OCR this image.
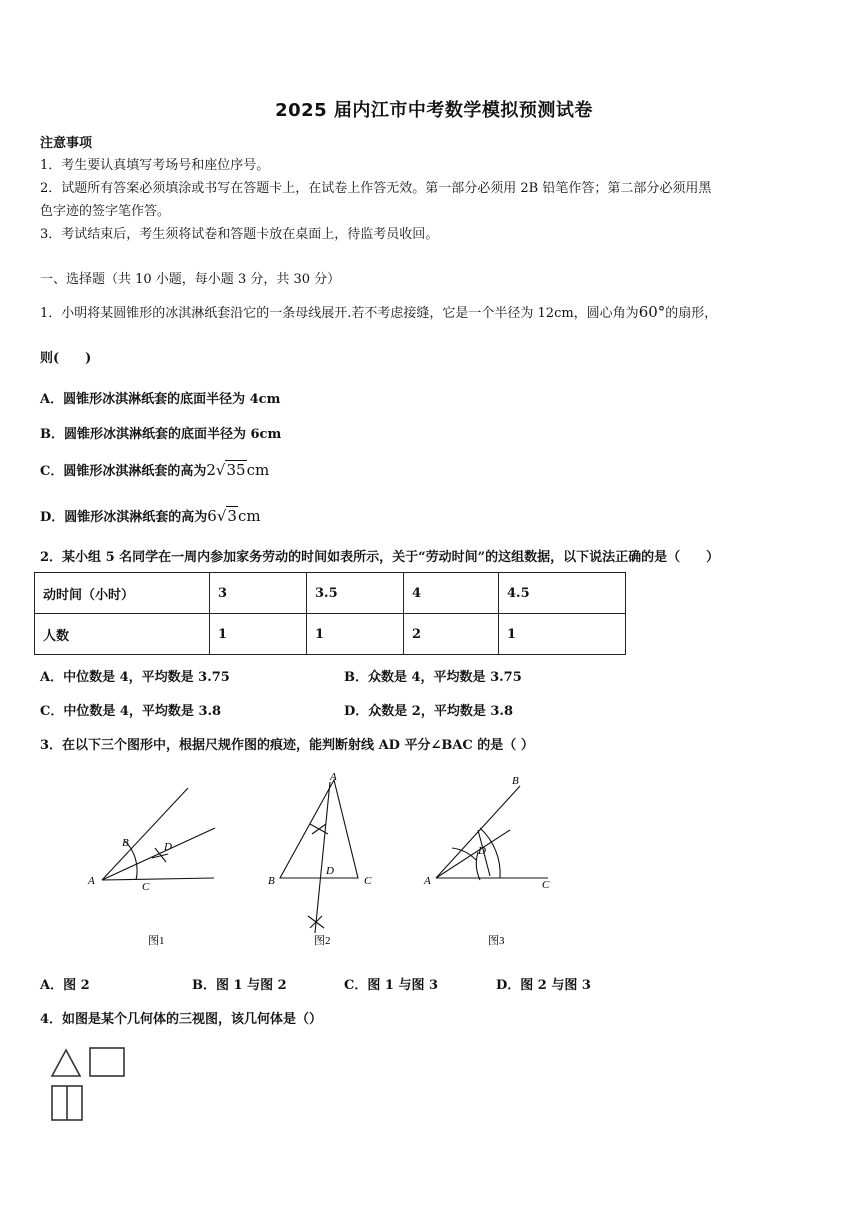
2025 届内江市中考数学模拟预测试卷
注意事项
1．考生要认真填写考场号和座位序号。
2．试题所有答案必须填涂或书写在答题卡上，在试卷上作答无效。第一部分必须用 2B 铅笔作答；第二部分必须用黑
色字迹的签字笔作答。
3．考试结束后，考生须将试卷和答题卡放在桌面上，待监考员收回。
一、选择题（共 10 小题，每小题 3 分，共 30 分）
1．小明将某圆锥形的冰淇淋纸套沿它的一条母线展开.若不考虑接缝，它是一个半径为 12cm，圆心角为60°的扇形，
则(　　)
A．圆锥形冰淇淋纸套的底面半径为 4cm
B．圆锥形冰淇淋纸套的底面半径为 6cm
C．圆锥形冰淇淋纸套的高为2√35cm
D．圆锥形冰淇淋纸套的高为6√3cm
2．某小组 5 名同学在一周内参加家务劳动的时间如表所示，关于“劳动时间”的这组数据，以下说法正确的是（　　）
动时间（小时）	3	3.5	4	4.5
人数	1	1	2	1
A．中位数是 4，平均数是 3.75	B．众数是 4，平均数是 3.75
C．中位数是 4，平均数是 3.8	D．众数是 2，平均数是 3.8
3．在以下三个图形中，根据尺规作图的痕迹，能判断射线 AD 平分∠BAC 的是（ ）
A
B
C
D
图1
A
B	C
D
图2
A
B
C
D
图3
A．图 2	B．图 1 与图 2	C．图 1 与图 3	D．图 2 与图 3
4．如图是某个几何体的三视图，该几何体是（）
